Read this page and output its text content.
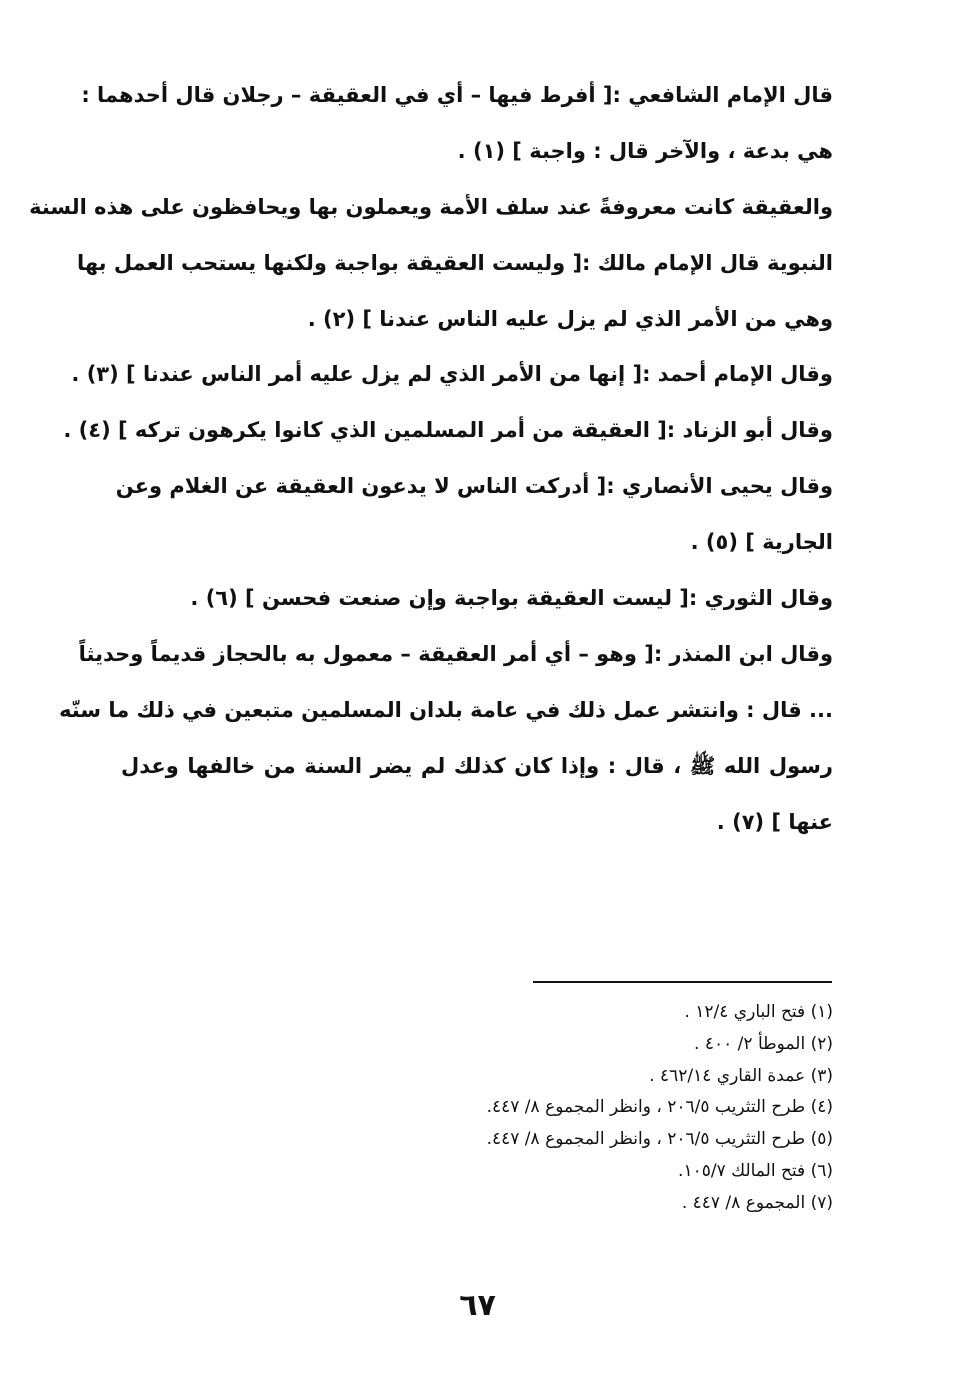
قال الإمام الشافعي :[ أفرط فيها – أي في العقيقة – رجلان قال أحدهما :
هي بدعة ، والآخر قال : واجبة ] (١) .
والعقيقة كانت معروفةً عند سلف الأمة ويعملون بها ويحافظون على هذه السنة
النبوية قال الإمام مالك :[ وليست العقيقة بواجبة ولكنها يستحب العمل بها
وهي من الأمر الذي لم يزل عليه الناس عندنا ] (٢) .
وقال الإمام أحمد :[ إنها من الأمر الذي لم يزل عليه أمر الناس عندنا ] (٣) .
وقال أبو الزناد :[ العقيقة من أمر المسلمين الذي كانوا يكرهون تركه ] (٤) .
وقال يحيى الأنصاري :[ أدركت الناس لا يدعون العقيقة عن الغلام وعن
الجارية ] (٥) .
وقال الثوري :[ ليست العقيقة بواجبة وإن صنعت فحسن ] (٦) .
وقال ابن المنذر :[ وهو – أي أمر العقيقة – معمول به بالحجاز قديماً وحديثاً
... قال : وانتشر عمل ذلك في عامة بلدان المسلمين متبعين في ذلك ما سنّه
رسول الله ﷺ ، قال : وإذا كان كذلك لم يضر السنة من خالفها وعدل
عنها ] (٧) .
(١) فتح الباري ١٢/٤ .
(٢) الموطأ ٢/ ٤٠٠ .
(٣) عمدة القاري ٤٦٢/١٤ .
(٤) طرح التثريب ٢٠٦/٥ ، وانظر المجموع ٨/ ٤٤٧.
(٥) طرح التثريب ٢٠٦/٥ ، وانظر المجموع ٨/ ٤٤٧.
(٦) فتح المالك ١٠٥/٧.
(٧) المجموع ٨/ ٤٤٧ .
٦٧
